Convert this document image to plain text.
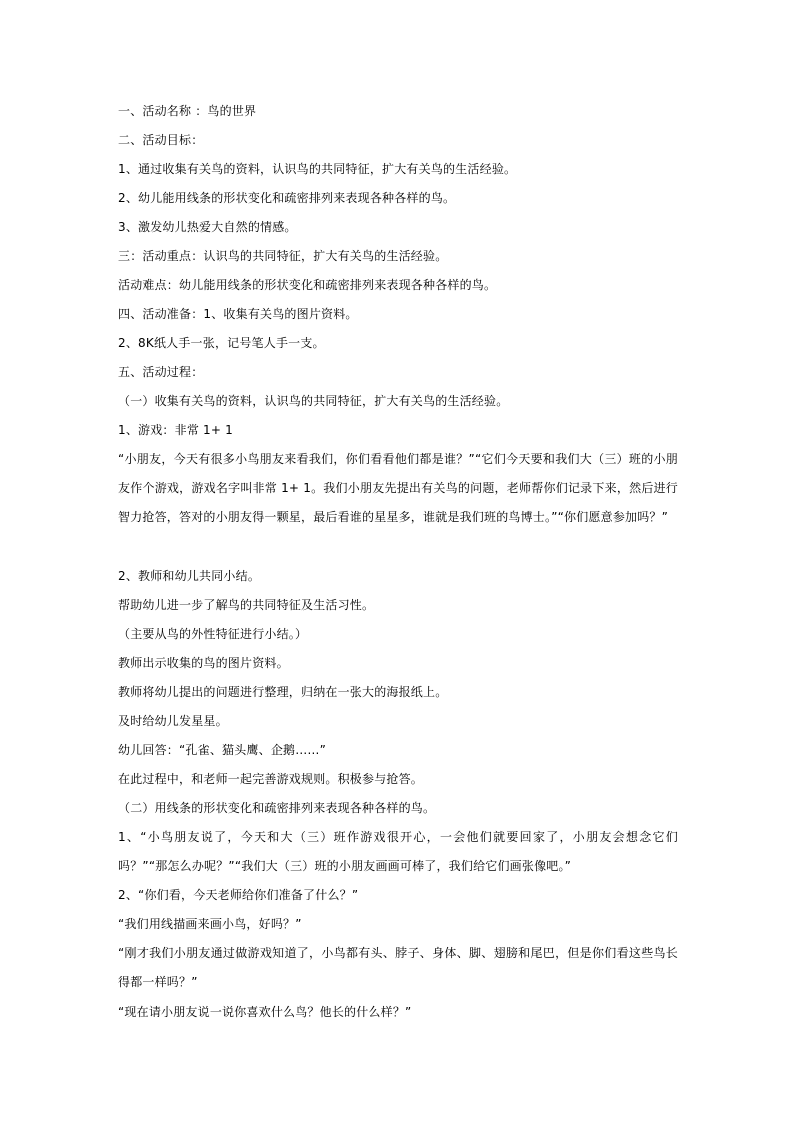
一、活动名称 ：鸟的世界
二、活动目标：
1、通过收集有关鸟的资料，认识鸟的共同特征，扩大有关鸟的生活经验。
2、幼儿能用线条的形状变化和疏密排列来表现各种各样的鸟。
3、激发幼儿热爱大自然的情感。
三：活动重点：认识鸟的共同特征，扩大有关鸟的生活经验。
活动难点：幼儿能用线条的形状变化和疏密排列来表现各种各样的鸟。
四、活动准备：1、收集有关鸟的图片资料。
2、8K纸人手一张，记号笔人手一支。
五、活动过程：
（一）收集有关鸟的资料，认识鸟的共同特征，扩大有关鸟的生活经验。
1、游戏：非常 1+ 1
“小朋友，今天有很多小鸟朋友来看我们，你们看看他们都是谁？”“它们今天要和我们大（三）班的小朋友作个游戏，游戏名字叫非常 1+ 1。我们小朋友先提出有关鸟的问题，老师帮你们记录下来，然后进行智力抢答，答对的小朋友得一颗星，最后看谁的星星多，谁就是我们班的鸟博士。”“你们愿意参加吗？”
2、教师和幼儿共同小结。
帮助幼儿进一步了解鸟的共同特征及生活习性。
（主要从鸟的外性特征进行小结。）
教师出示收集的鸟的图片资料。
教师将幼儿提出的问题进行整理，归纳在一张大的海报纸上。
及时给幼儿发星星。
幼儿回答：“孔雀、猫头鹰、企鹅……”
在此过程中，和老师一起完善游戏规则。积极参与抢答。
（二）用线条的形状变化和疏密排列来表现各种各样的鸟。
1、“小鸟朋友说了，今天和大（三）班作游戏很开心，一会他们就要回家了，小朋友会想念它们吗？”“那怎么办呢？”“我们大（三）班的小朋友画画可棒了，我们给它们画张像吧。”
2、“你们看，今天老师给你们准备了什么？”
“我们用线描画来画小鸟，好吗？”
“刚才我们小朋友通过做游戏知道了，小鸟都有头、脖子、身体、脚、翅膀和尾巴，但是你们看这些鸟长得都一样吗？”
“现在请小朋友说一说你喜欢什么鸟？他长的什么样？”
